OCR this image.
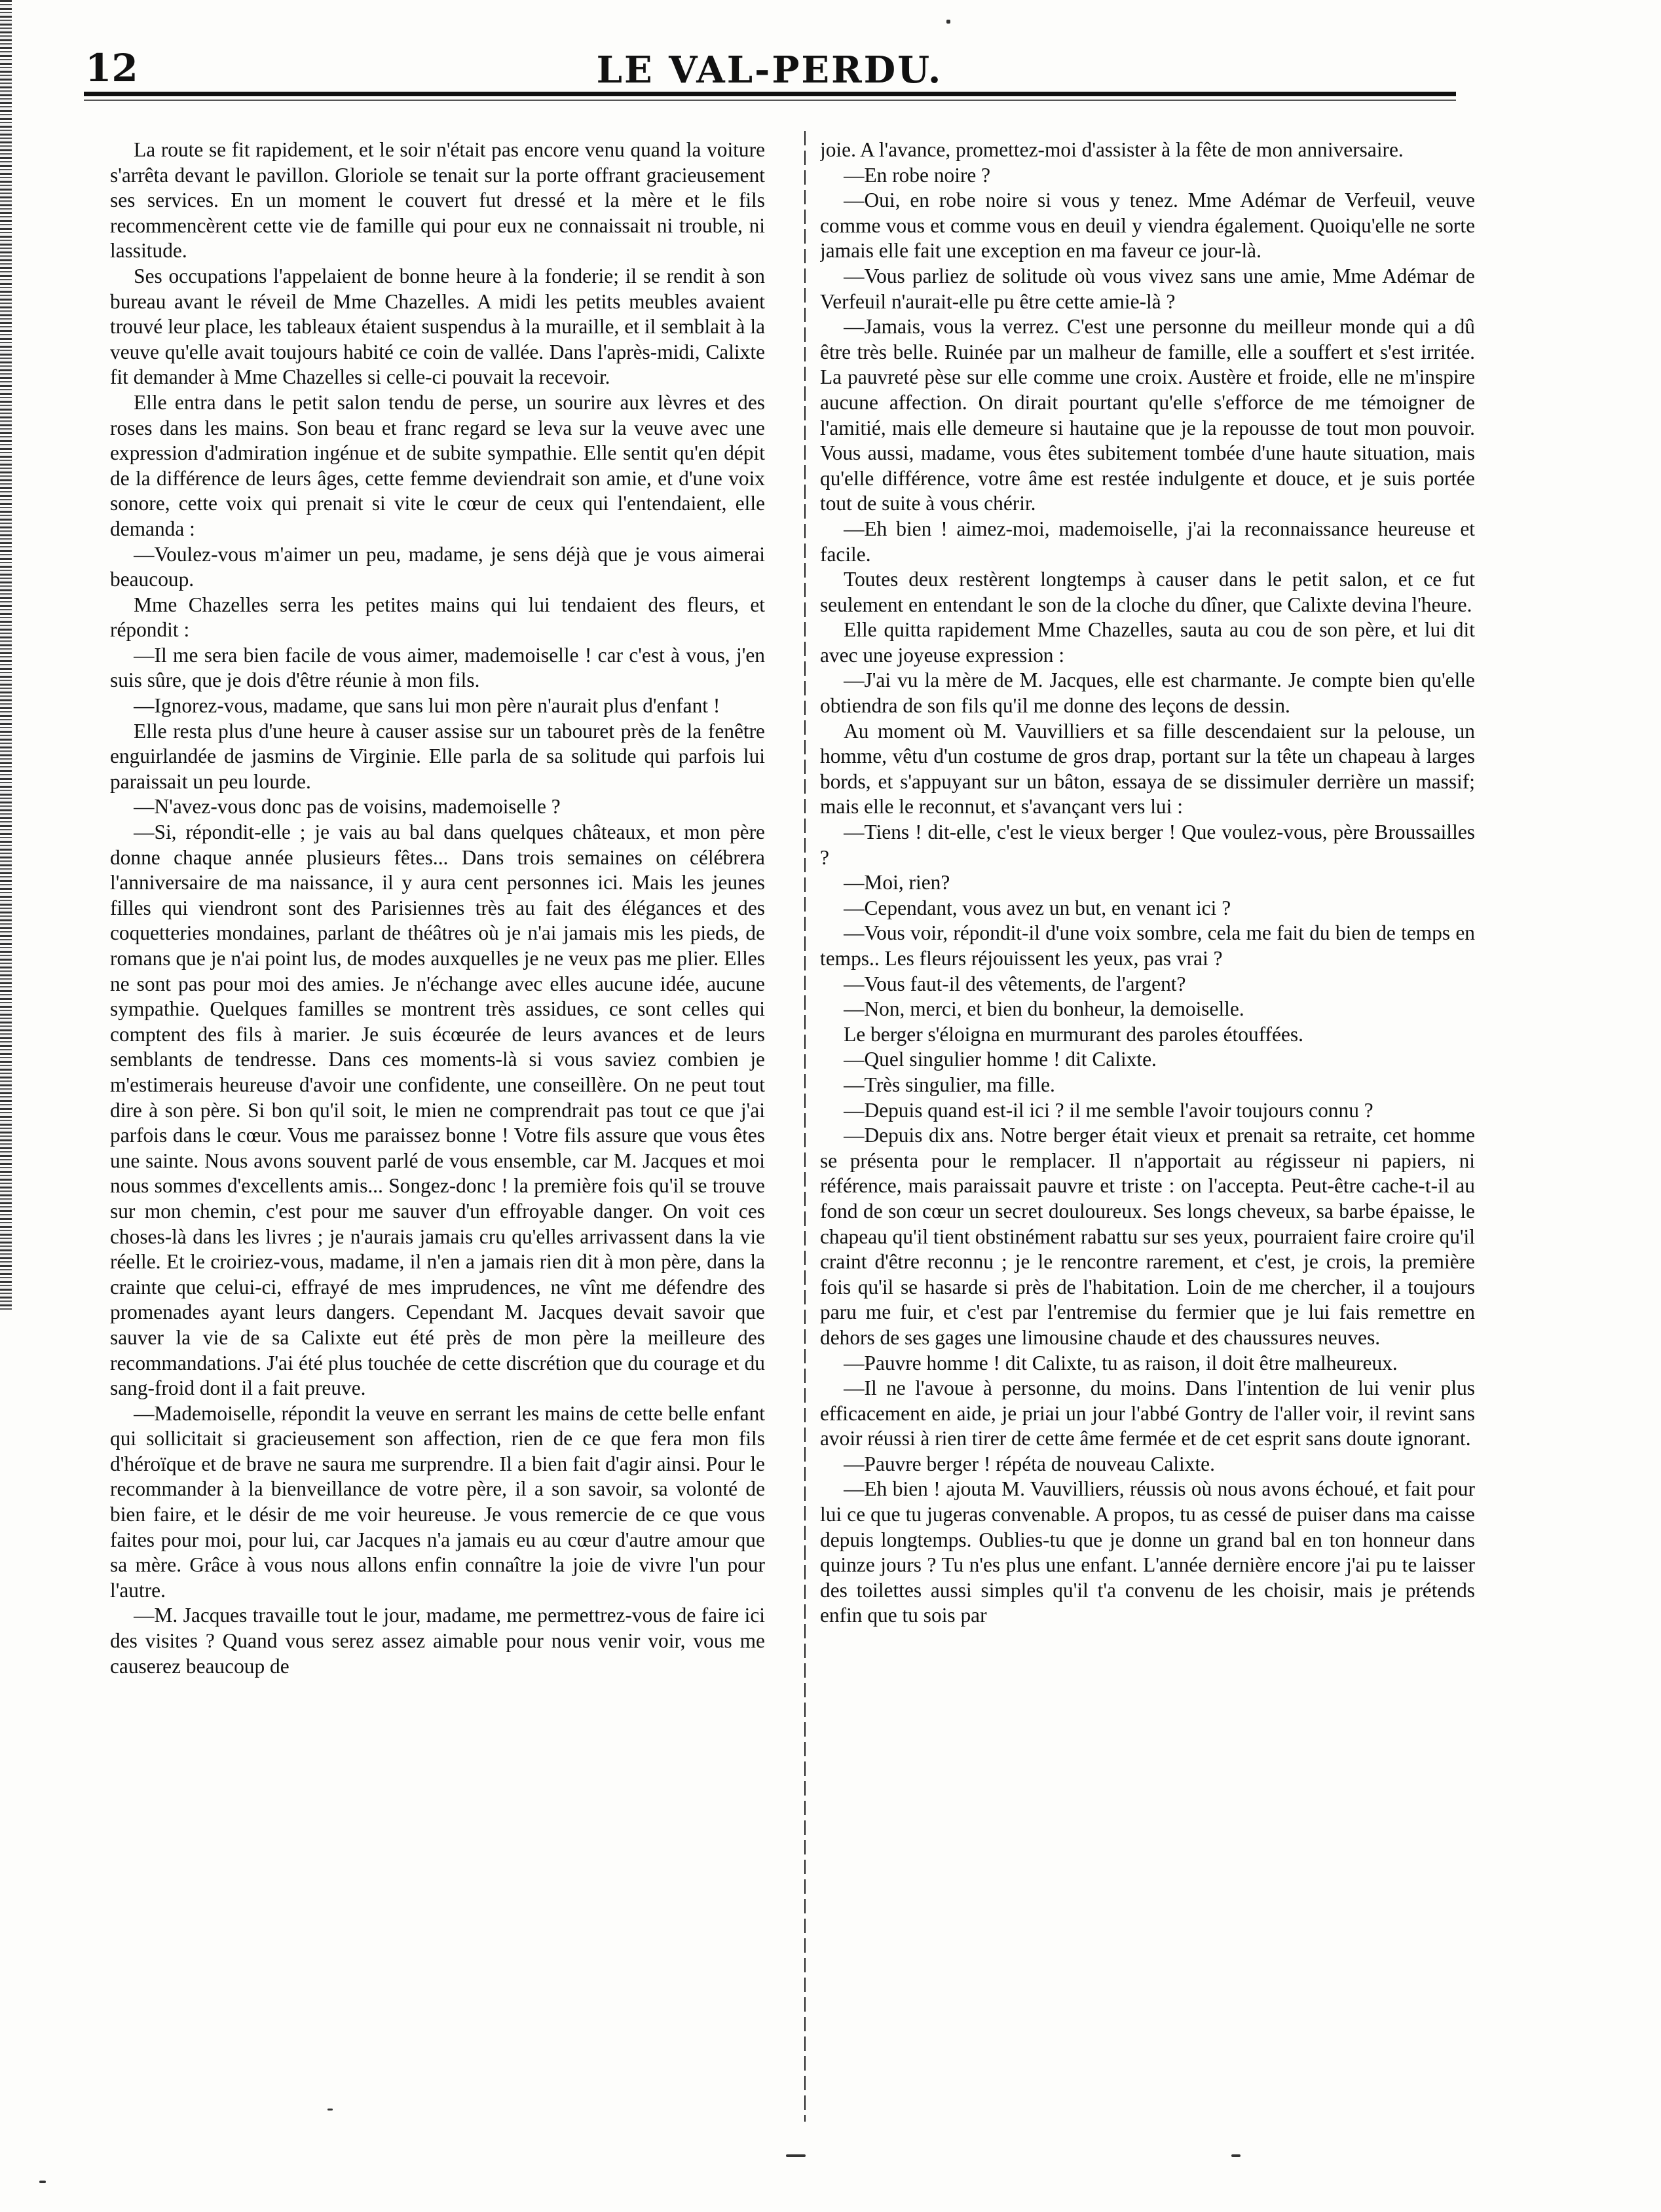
12	LE VAL-PERDU.

La route se fit rapidement, et le soir n'était pas encore venu quand la voiture s'arrêta devant le pavillon. Gloriole se tenait sur la porte offrant gracieusement ses services. En un moment le couvert fut dressé et la mère et le fils recommencèrent cette vie de famille qui pour eux ne connaissait ni trouble, ni lassitude.

Ses occupations l'appelaient de bonne heure à la fonderie; il se rendit à son bureau avant le réveil de Mme Chazelles. A midi les petits meubles avaient trouvé leur place, les tableaux étaient suspendus à la muraille, et il semblait à la veuve qu'elle avait toujours habité ce coin de vallée. Dans l'après-midi, Calixte fit demander à Mme Chazelles si celle-ci pouvait la recevoir.

Elle entra dans le petit salon tendu de perse, un sourire aux lèvres et des roses dans les mains. Son beau et franc regard se leva sur la veuve avec une expression d'admiration ingénue et de subite sympathie. Elle sentit qu'en dépit de la différence de leurs âges, cette femme deviendrait son amie, et d'une voix sonore, cette voix qui prenait si vite le cœur de ceux qui l'entendaient, elle demanda :

—Voulez-vous m'aimer un peu, madame, je sens déjà que je vous aimerai beaucoup.

Mme Chazelles serra les petites mains qui lui tendaient des fleurs, et répondit :

—Il me sera bien facile de vous aimer, mademoiselle ! car c'est à vous, j'en suis sûre, que je dois d'être réunie à mon fils.

—Ignorez-vous, madame, que sans lui mon père n'aurait plus d'enfant !

Elle resta plus d'une heure à causer assise sur un tabouret près de la fenêtre enguirlandée de jasmins de Virginie. Elle parla de sa solitude qui parfois lui paraissait un peu lourde.

—N'avez-vous donc pas de voisins, mademoiselle ?

—Si, répondit-elle ; je vais au bal dans quelques châteaux, et mon père donne chaque année plusieurs fêtes... Dans trois semaines on célébrera l'anniversaire de ma naissance, il y aura cent personnes ici. Mais les jeunes filles qui viendront sont des Parisiennes très au fait des élégances et des coquetteries mondaines, parlant de théâtres où je n'ai jamais mis les pieds, de romans que je n'ai point lus, de modes auxquelles je ne veux pas me plier. Elles ne sont pas pour moi des amies. Je n'échange avec elles aucune idée, aucune sympathie. Quelques familles se montrent très assidues, ce sont celles qui comptent des fils à marier. Je suis écœurée de leurs avances et de leurs semblants de tendresse. Dans ces moments-là si vous saviez combien je m'estimerais heureuse d'avoir une confidente, une conseillère. On ne peut tout dire à son père. Si bon qu'il soit, le mien ne comprendrait pas tout ce que j'ai parfois dans le cœur. Vous me paraissez bonne ! Votre fils assure que vous êtes une sainte. Nous avons souvent parlé de vous ensemble, car M. Jacques et moi nous sommes d'excellents amis... Songez-donc ! la première fois qu'il se trouve sur mon chemin, c'est pour me sauver d'un effroyable danger. On voit ces choses-là dans les livres ; je n'aurais jamais cru qu'elles arrivassent dans la vie réelle. Et le croiriez-vous, madame, il n'en a jamais rien dit à mon père, dans la crainte que celui-ci, effrayé de mes imprudences, ne vînt me défendre des promenades ayant leurs dangers. Cependant M. Jacques devait savoir que sauver la vie de sa Calixte eut été près de mon père la meilleure des recommandations. J'ai été plus touchée de cette discrétion que du courage et du sang-froid dont il a fait preuve.

—Mademoiselle, répondit la veuve en serrant les mains de cette belle enfant qui sollicitait si gracieusement son affection, rien de ce que fera mon fils d'héroïque et de brave ne saura me surprendre. Il a bien fait d'agir ainsi. Pour le recommander à la bienveillance de votre père, il a son savoir, sa volonté de bien faire, et le désir de me voir heureuse. Je vous remercie de ce que vous faites pour moi, pour lui, car Jacques n'a jamais eu au cœur d'autre amour que sa mère. Grâce à vous nous allons enfin connaître la joie de vivre l'un pour l'autre.

—M. Jacques travaille tout le jour, madame, me permettrez-vous de faire ici des visites ? Quand vous serez assez aimable pour nous venir voir, vous me causerez beaucoup de

joie. A l'avance, promettez-moi d'assister à la fête de mon anniversaire.

—En robe noire ?

—Oui, en robe noire si vous y tenez. Mme Adémar de Verfeuil, veuve comme vous et comme vous en deuil y viendra également. Quoiqu'elle ne sorte jamais elle fait une exception en ma faveur ce jour-là.

—Vous parliez de solitude où vous vivez sans une amie, Mme Adémar de Verfeuil n'aurait-elle pu être cette amie-là ?

—Jamais, vous la verrez. C'est une personne du meilleur monde qui a dû être très belle. Ruinée par un malheur de famille, elle a souffert et s'est irritée. La pauvreté pèse sur elle comme une croix. Austère et froide, elle ne m'inspire aucune affection. On dirait pourtant qu'elle s'efforce de me témoigner de l'amitié, mais elle demeure si hautaine que je la repousse de tout mon pouvoir. Vous aussi, madame, vous êtes subitement tombée d'une haute situation, mais qu'elle différence, votre âme est restée indulgente et douce, et je suis portée tout de suite à vous chérir.

—Eh bien ! aimez-moi, mademoiselle, j'ai la reconnaissance heureuse et facile.

Toutes deux restèrent longtemps à causer dans le petit salon, et ce fut seulement en entendant le son de la cloche du dîner, que Calixte devina l'heure.

Elle quitta rapidement Mme Chazelles, sauta au cou de son père, et lui dit avec une joyeuse expression :

—J'ai vu la mère de M. Jacques, elle est charmante. Je compte bien qu'elle obtiendra de son fils qu'il me donne des leçons de dessin.

Au moment où M. Vauvilliers et sa fille descendaient sur la pelouse, un homme, vêtu d'un costume de gros drap, portant sur la tête un chapeau à larges bords, et s'appuyant sur un bâton, essaya de se dissimuler derrière un massif; mais elle le reconnut, et s'avançant vers lui :

—Tiens ! dit-elle, c'est le vieux berger ! Que voulez-vous, père Broussailles ?

—Moi, rien?

—Cependant, vous avez un but, en venant ici ?

—Vous voir, répondit-il d'une voix sombre, cela me fait du bien de temps en temps.. Les fleurs réjouissent les yeux, pas vrai ?

—Vous faut-il des vêtements, de l'argent?

—Non, merci, et bien du bonheur, la demoiselle.

Le berger s'éloigna en murmurant des paroles étouffées.

—Quel singulier homme ! dit Calixte.

—Très singulier, ma fille.

—Depuis quand est-il ici ? il me semble l'avoir toujours connu ?

—Depuis dix ans. Notre berger était vieux et prenait sa retraite, cet homme se présenta pour le remplacer. Il n'apportait au régisseur ni papiers, ni référence, mais paraissait pauvre et triste : on l'accepta. Peut-être cache-t-il au fond de son cœur un secret douloureux. Ses longs cheveux, sa barbe épaisse, le chapeau qu'il tient obstinément rabattu sur ses yeux, pourraient faire croire qu'il craint d'être reconnu ; je le rencontre rarement, et c'est, je crois, la première fois qu'il se hasarde si près de l'habitation. Loin de me chercher, il a toujours paru me fuir, et c'est par l'entremise du fermier que je lui fais remettre en dehors de ses gages une limousine chaude et des chaussures neuves.

—Pauvre homme ! dit Calixte, tu as raison, il doit être malheureux.

—Il ne l'avoue à personne, du moins. Dans l'intention de lui venir plus efficacement en aide, je priai un jour l'abbé Gontry de l'aller voir, il revint sans avoir réussi à rien tirer de cette âme fermée et de cet esprit sans doute ignorant.

—Pauvre berger ! répéta de nouveau Calixte.

—Eh bien ! ajouta M. Vauvilliers, réussis où nous avons échoué, et fait pour lui ce que tu jugeras convenable. A propos, tu as cessé de puiser dans ma caisse depuis longtemps. Oublies-tu que je donne un grand bal en ton honneur dans quinze jours ? Tu n'es plus une enfant. L'année dernière encore j'ai pu te laisser des toilettes aussi simples qu'il t'a convenu de les choisir, mais je prétends enfin que tu sois par
